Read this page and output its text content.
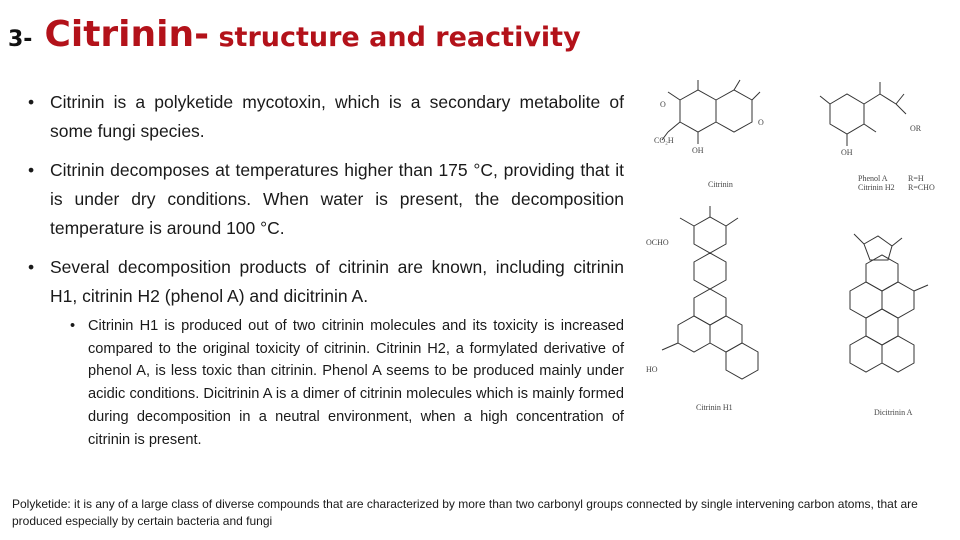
3- Citrinin- structure and reactivity
• Citrinin is a polyketide mycotoxin, which is a secondary metabolite of some fungi species.
• Citrinin decomposes at temperatures higher than 175 °C, providing that it is under dry conditions. When water is present, the decomposition temperature is around 100 °C.
• Several decomposition products of citrinin are known, including citrinin H1, citrinin H2 (phenol A) and dicitrinin A.
• Citrinin H1 is produced out of two citrinin molecules and its toxicity is increased compared to the original toxicity of citrinin. Citrinin H2, a formylated derivative of phenol A, is less toxic than citrinin. Phenol A seems to be produced mainly under acidic conditions. Dicitrinin A is a dimer of citrinin molecules which is mainly formed during decomposition in a neutral environment, when a high concentration of citrinin is present.
Polyketide: it is any of a large class of diverse compounds that are characterized by more than two carbonyl groups connected by single intervening carbon atoms, that are produced especially by certain bacteria and fungi
O
CO₂H
OH
O
Citrinin
OH
OR
Phenol A
Citrinin H2
R=H
R=CHO
OCHO
HO
Citrinin H1
Dicitrinin A
